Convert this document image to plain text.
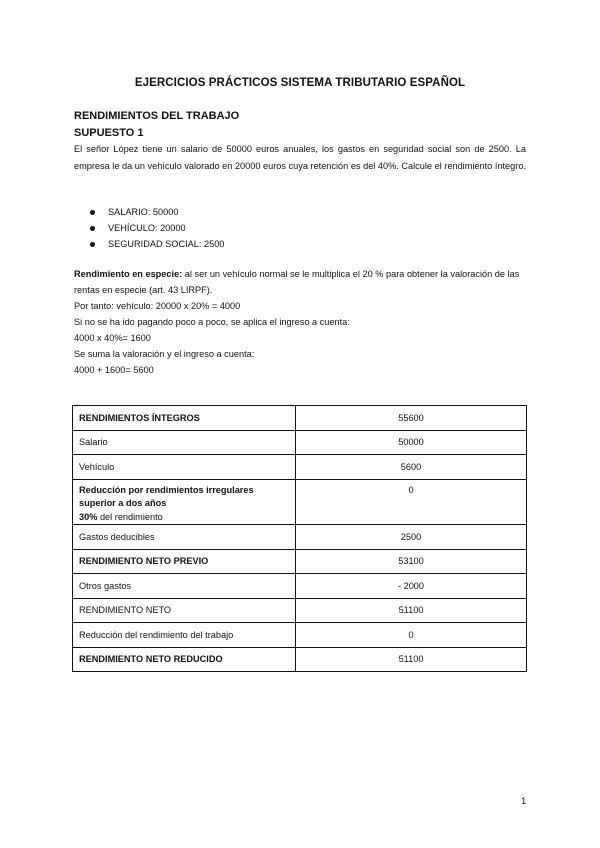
EJERCICIOS PRÁCTICOS SISTEMA TRIBUTARIO ESPAÑOL
RENDIMIENTOS DEL TRABAJO
SUPUESTO 1

El señor López tiene un salario de 50000 euros anuales, los gastos en seguridad social son de 2500. La empresa le da un vehículo valorado en 20000 euros cuya retención es del 40%. Calcule el rendimiento íntegro.

SALARIO: 50000
VEHÍCULO: 20000
SEGURIDAD SOCIAL: 2500

Rendimiento en especie: al ser un vehículo normal se le multiplica el 20 % para obtener la valoración de las rentas en especie (art. 43 LIRPF).

Por tanto: vehículo: 20000 x 20% = 4000

Si no se ha ido pagando poco a poco, se aplica el ingreso a cuenta:

4000 x 40%= 1600

Se suma la valoración y el ingreso a cuenta:

4000 + 1600= 5600

RENDIMIENTOS ÍNTEGROS	55600
Salario	50000
Vehículo	5600
Reducción por rendimientos irregulares
superior a dos años
30% del rendimiento	0
Gastos deducibles	2500
RENDIMIENTO NETO PREVIO	53100
Otros gastos	- 2000
RENDIMIENTO NETO	51100
Reducción del rendimiento del trabajo	0
RENDIMIENTO NETO REDUCIDO	51100
1
